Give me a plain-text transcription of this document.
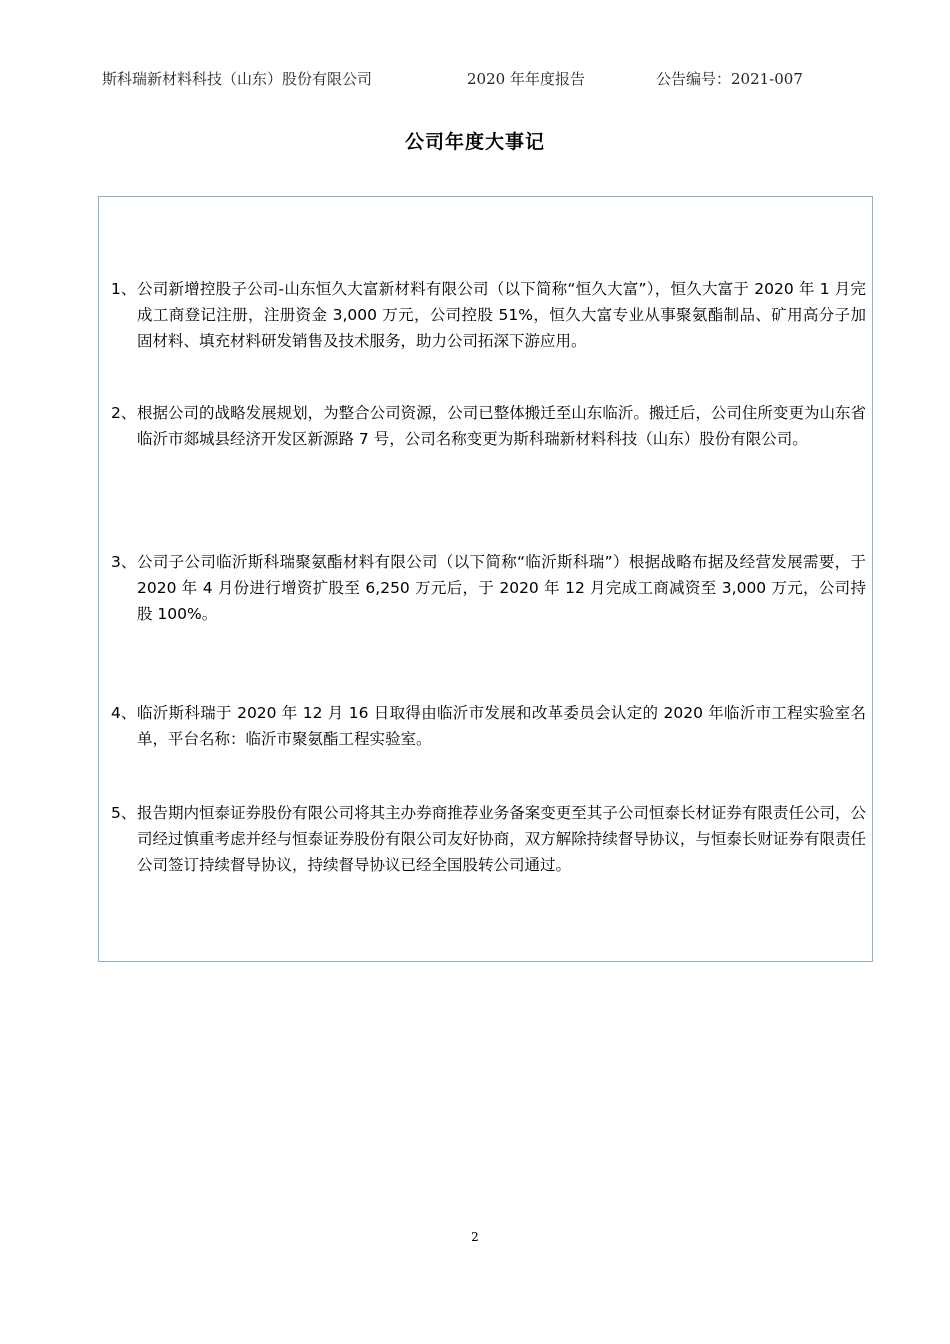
斯科瑞新材料科技（山东）股份有限公司	2020 年年度报告	公告编号：2021-007
公司年度大事记
1、 公司新增控股子公司-山东恒久大富新材料有限公司（以下简称“恒久大富”），恒久大富于 2020 年 1 月完成工商登记注册，注册资金 3,000 万元，公司控股 51%，恒久大富专业从事聚氨酯制品、矿用高分子加固材料、填充材料研发销售及技术服务，助力公司拓深下游应用。
2、 根据公司的战略发展规划，为整合公司资源，公司已整体搬迁至山东临沂。搬迁后，公司住所变更为山东省临沂市郯城县经济开发区新源路 7 号，公司名称变更为斯科瑞新材料科技（山东）股份有限公司。
3、 公司子公司临沂斯科瑞聚氨酯材料有限公司（以下简称“临沂斯科瑞”）根据战略布据及经营发展需要，于 2020 年 4 月份进行增资扩股至 6,250 万元后，于 2020 年 12 月完成工商减资至 3,000 万元，公司持股 100%。
4、 临沂斯科瑞于 2020 年 12 月 16 日取得由临沂市发展和改革委员会认定的 2020 年临沂市工程实验室名单，平台名称：临沂市聚氨酯工程实验室。
5、 报告期内恒泰证券股份有限公司将其主办券商推荐业务备案变更至其子公司恒泰长材证券有限责任公司，公司经过慎重考虑并经与恒泰证券股份有限公司友好协商，双方解除持续督导协议，与恒泰长财证券有限责任公司签订持续督导协议，持续督导协议已经全国股转公司通过。
2
